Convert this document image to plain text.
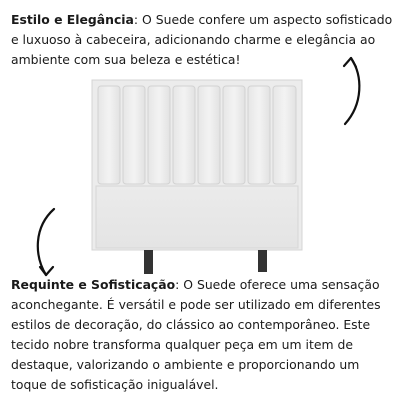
Estilo e Elegância: O Suede confere um aspecto sofisticado e luxuoso à cabeceira, adicionando charme e elegância ao ambiente com sua beleza e estética!

Requinte e Sofisticação: O Suede oferece uma sensação aconchegante. É versátil e pode ser utilizado em diferentes estilos de decoração, do clássico ao contemporâneo. Este tecido nobre transforma qualquer peça em um item de destaque, valorizando o ambiente e proporcionando um toque de sofisticação inigualável.
